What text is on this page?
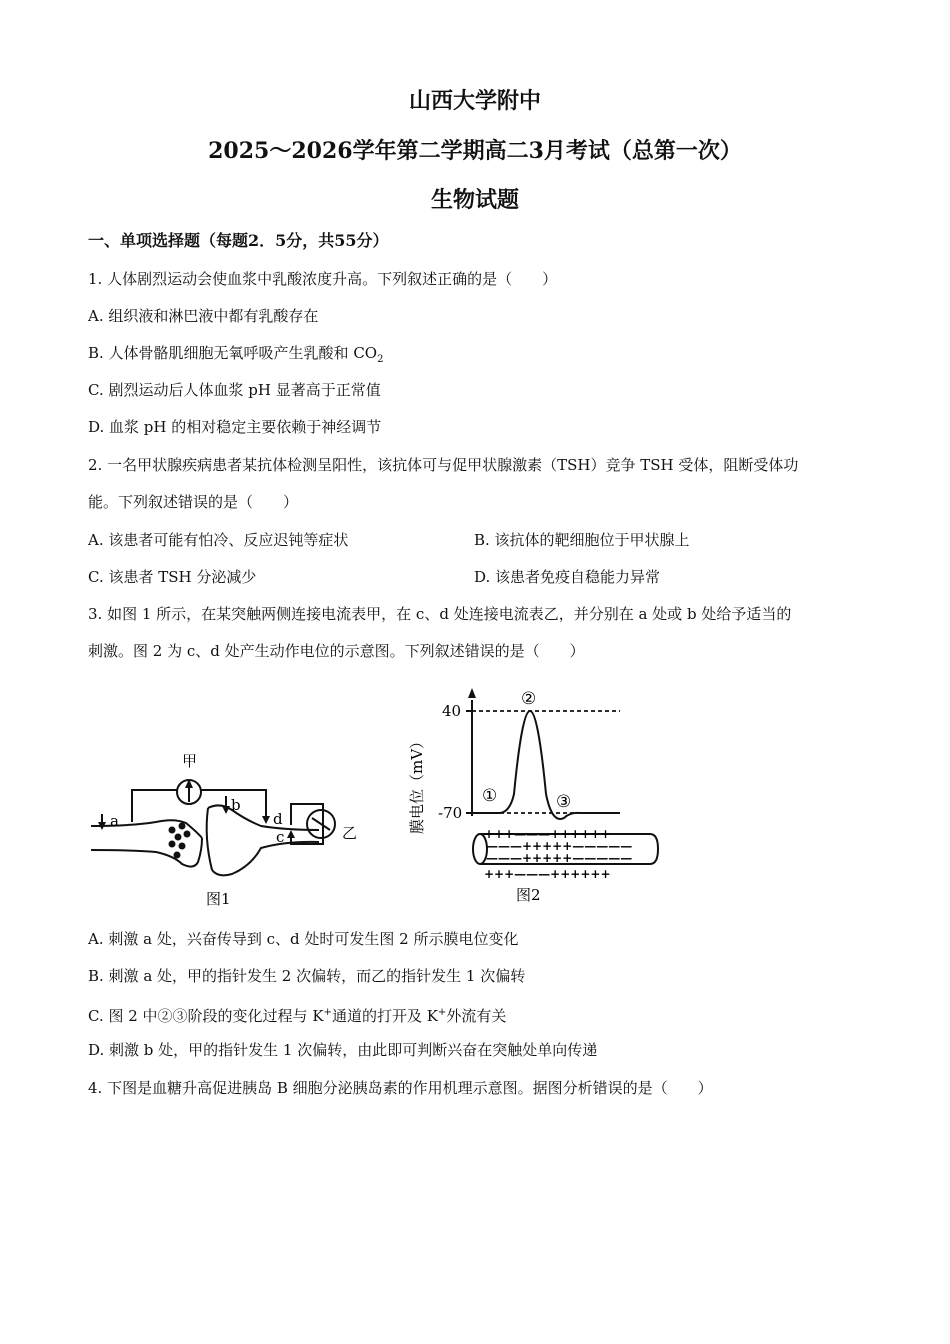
山西大学附中
2025～2026学年第二学期高二3月考试（总第一次）
生物试题
一、单项选择题（每题2．5分，共55分）
1. 人体剧烈运动会使血浆中乳酸浓度升高。下列叙述正确的是（　　）
A. 组织液和淋巴液中都有乳酸存在
B. 人体骨骼肌细胞无氧呼吸产生乳酸和 $CO_2$
C. 剧烈运动后人体血浆 pH 显著高于正常值
D. 血浆 pH 的相对稳定主要依赖于神经调节
2. 一名甲状腺疾病患者某抗体检测呈阳性，该抗体可与促甲状腺激素（TSH）竞争 TSH 受体，阻断受体功
能。下列叙述错误的是（　　）
A. 该患者可能有怕冷、反应迟钝等症状	B. 该抗体的靶细胞位于甲状腺上
C. 该患者 TSH 分泌减少	D. 该患者免疫自稳能力异常
3. 如图 1 所示，在某突触两侧连接电流表甲，在 c、d 处连接电流表乙，并分别在 a 处或 b 处给予适当的
刺激。图 2 为 c、d 处产生动作电位的示意图。下列叙述错误的是（　　）
甲
a
b
d
c	乙
图1
40
-70
膜电位（mV）
②
①	③
+++———++++++
———+++++—————
———+++++—————
+++———++++++
图2
A. 刺激 a 处，兴奋传导到 c、d 处时可发生图 2 所示膜电位变化
B. 刺激 a 处，甲的指针发生 2 次偏转，而乙的指针发生 1 次偏转
C. 图 2 中②③阶段的变化过程与 K+通道的打开及 K+外流有关
D. 刺激 b 处，甲的指针发生 1 次偏转，由此即可判断兴奋在突触处单向传递
4. 下图是血糖升高促进胰岛 B 细胞分泌胰岛素的作用机理示意图。据图分析错误的是（　　）
